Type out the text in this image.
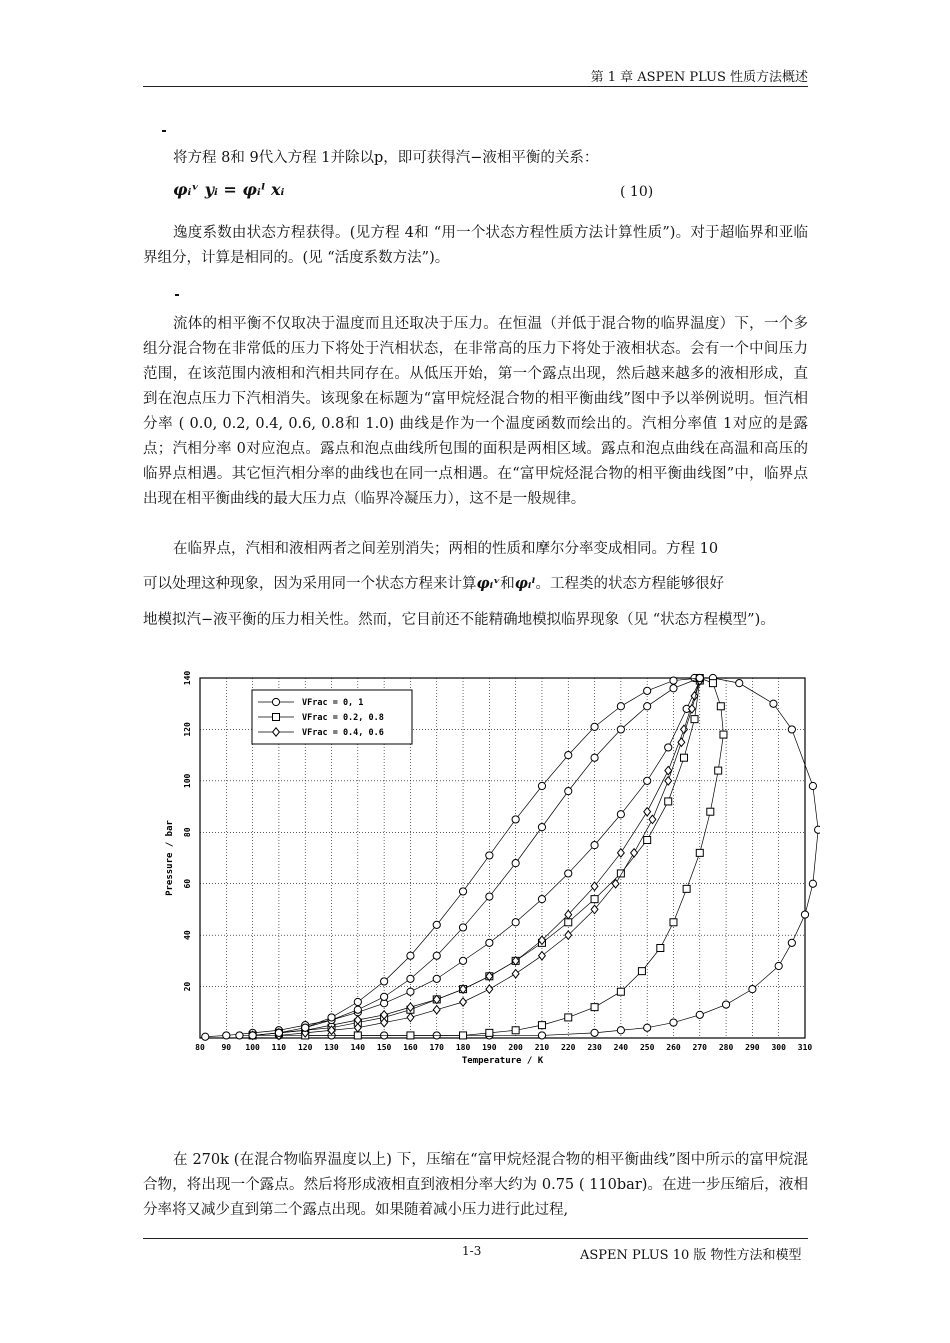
第 1 章 ASPEN PLUS 性质方法概述

将方程 8和 9代入方程 1并除以p，即可获得汽−液相平衡的关系：

φᵢᵛ yᵢ = φᵢˡ xᵢ	( 10)

逸度系数由状态方程获得。(见方程 4和 “用一个状态方程性质方法计算性质”)。对于超临界和亚临界组分，计算是相同的。(见 “活度系数方法”)。

流体的相平衡不仅取决于温度而且还取决于压力。在恒温（并低于混合物的临界温度）下，一个多组分混合物在非常低的压力下将处于汽相状态，在非常高的压力下将处于液相状态。会有一个中间压力范围，在该范围内液相和汽相共同存在。从低压开始，第一个露点出现，然后越来越多的液相形成，直到在泡点压力下汽相消失。该现象在标题为“富甲烷烃混合物的相平衡曲线”图中予以举例说明。恒汽相分率 ( 0.0, 0.2, 0.4, 0.6, 0.8和 1.0) 曲线是作为一个温度函数而绘出的。汽相分率值 1对应的是露点；汽相分率 0对应泡点。露点和泡点曲线所包围的面积是两相区域。露点和泡点曲线在高温和高压的临界点相遇。其它恒汽相分率的曲线也在同一点相遇。在“富甲烷烃混合物的相平衡曲线图”中，临界点出现在相平衡曲线的最大压力点（临界冷凝压力），这不是一般规律。

在临界点，汽相和液相两者之间差别消失；两相的性质和摩尔分率变成相同。方程 10

可以处理这种现象，因为采用同一个状态方程来计算φᵢᵛ和φᵢˡ。工程类的状态方程能够很好

地模拟汽−液平衡的压力相关性。然而，它目前还不能精确地模拟临界现象（见 “状态方程模型”)。

80 90 100 110 120 130 140 150 160 170 180 190 200 210 220 230 240 250 260 270 280 290 300 310
20
40
60
80
100
120
140
Temperature / K
Pressure / bar
VFrac = 0, 1
VFrac = 0.2, 0.8
VFrac = 0.4, 0.6

在 270k (在混合物临界温度以上) 下，压缩在“富甲烷烃混合物的相平衡曲线”图中所示的富甲烷混合物，将出现一个露点。然后将形成液相直到液相分率大约为 0.75 ( 110bar)。在进一步压缩后，液相分率将又减少直到第二个露点出现。如果随着减小压力进行此过程,

1-3	ASPEN PLUS 10 版 物性方法和模型
